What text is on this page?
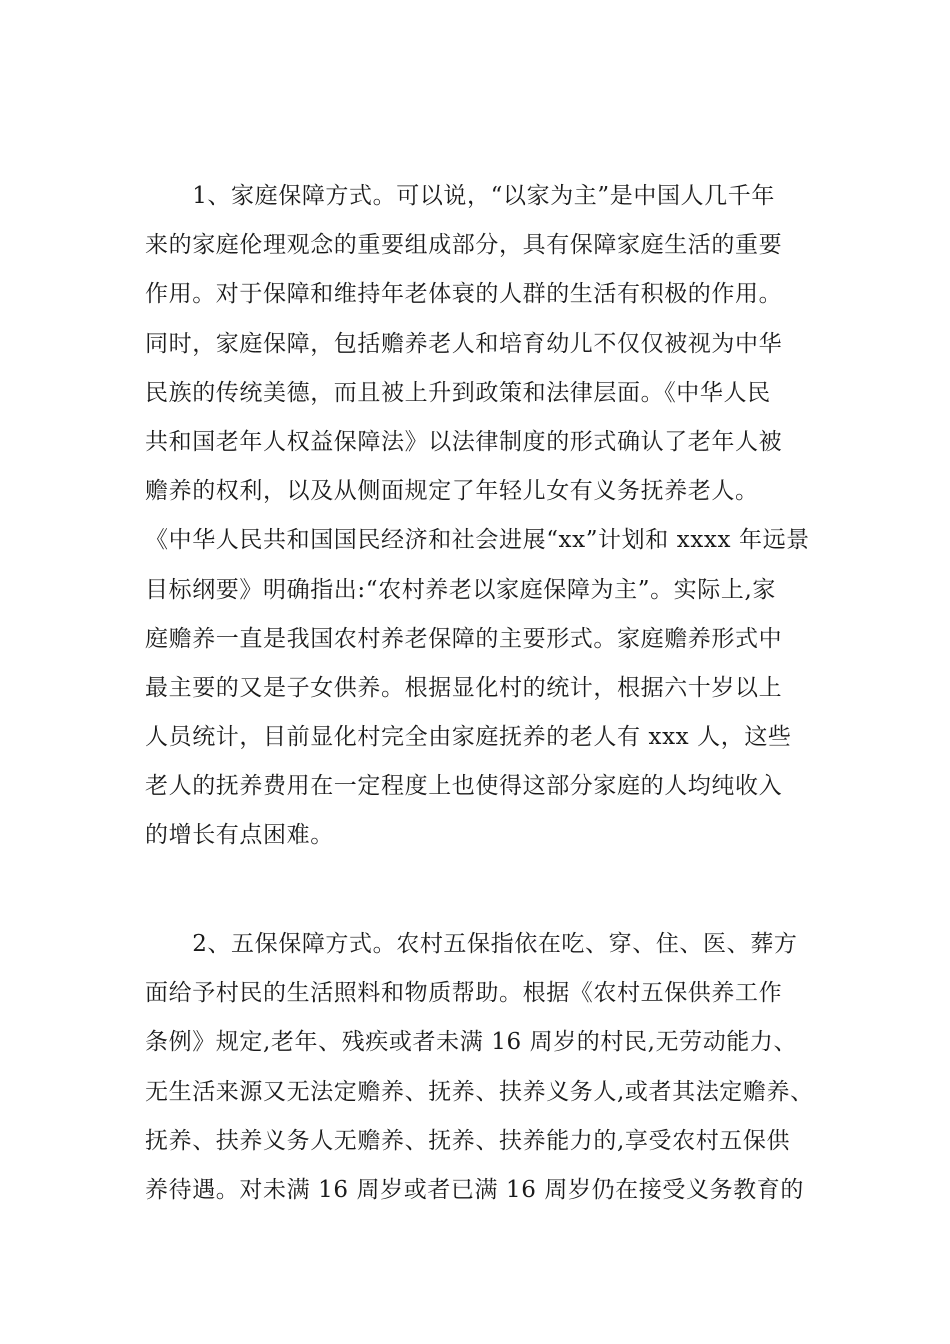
　　1、家庭保障方式。可以说，“以家为主”是中国人几千年
来的家庭伦理观念的重要组成部分，具有保障家庭生活的重要
作用。对于保障和维持年老体衰的人群的生活有积极的作用。
同时，家庭保障，包括赡养老人和培育幼儿不仅仅被视为中华
民族的传统美德，而且被上升到政策和法律层面。《中华人民
共和国老年人权益保障法》以法律制度的形式确认了老年人被
赡养的权利，以及从侧面规定了年轻儿女有义务抚养老人。
《中华人民共和国国民经济和社会进展“xx”计划和 xxxx 年远景
目标纲要》明确指出:“农村养老以家庭保障为主”。实际上,家
庭赡养一直是我国农村养老保障的主要形式。家庭赡养形式中
最主要的又是子女供养。根据显化村的统计，根据六十岁以上
人员统计，目前显化村完全由家庭抚养的老人有 xxx 人，这些
老人的抚养费用在一定程度上也使得这部分家庭的人均纯收入
的增长有点困难。
　　2、五保保障方式。农村五保指依在吃、穿、住、医、葬方
面给予村民的生活照料和物质帮助。根据《农村五保供养工作
条例》规定,老年、残疾或者未满 16 周岁的村民,无劳动能力、
无生活来源又无法定赡养、抚养、扶养义务人,或者其法定赡养、
抚养、扶养义务人无赡养、抚养、扶养能力的,享受农村五保供
养待遇。对未满 16 周岁或者已满 16 周岁仍在接受义务教育的
